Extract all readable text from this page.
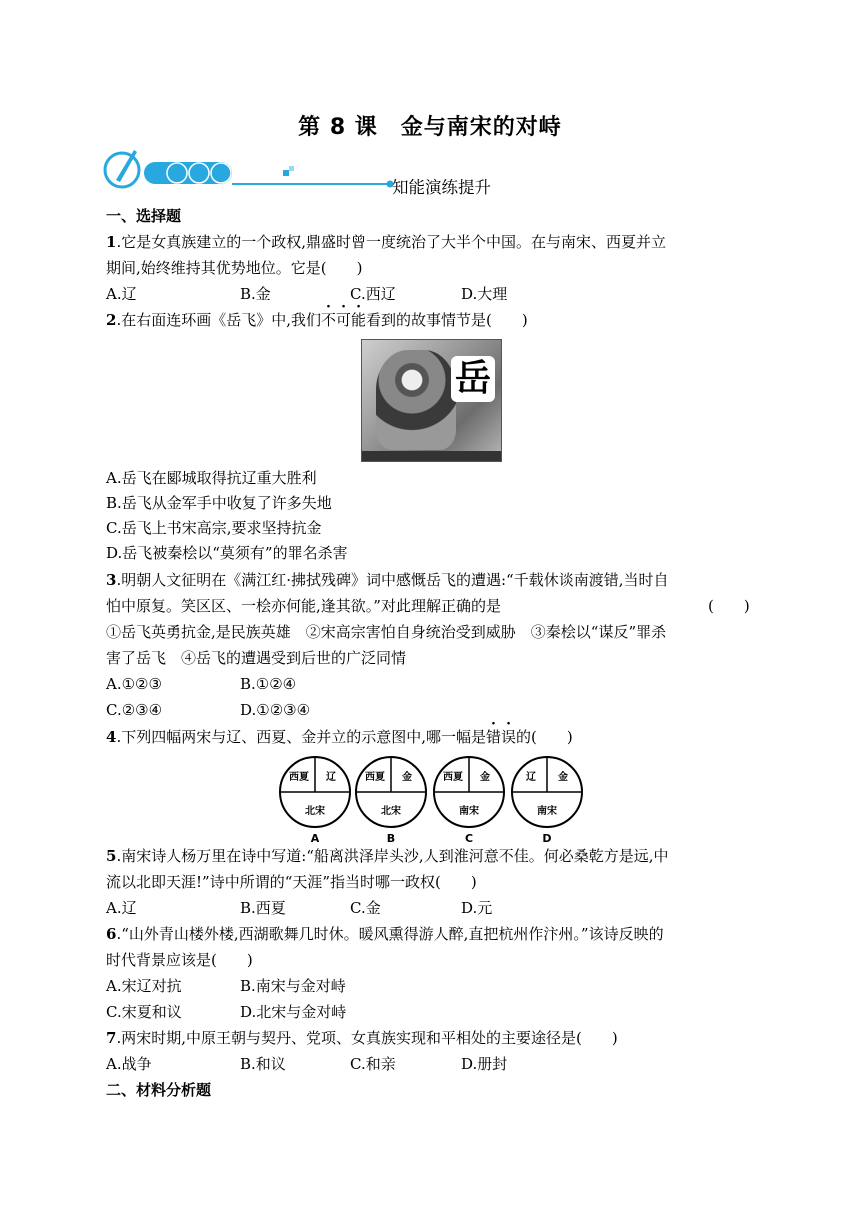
第 8 课　金与南宋的对峙
知能演练提升
一、选择题
1.它是女真族建立的一个政权,鼎盛时曾一度统治了大半个中国。在与南宋、西夏并立
期间,始终维持其优势地位。它是(　　)
A.辽	B.金	C.西辽	D.大理
2.在右面连环画《岳飞》中,我们不可能看到的故事情节是(　　)
岳
A.岳飞在郾城取得抗辽重大胜利
B.岳飞从金军手中收复了许多失地
C.岳飞上书宋高宗,要求坚持抗金
D.岳飞被秦桧以“莫须有”的罪名杀害
3.明朝人文征明在《满江红·拂拭残碑》词中感慨岳飞的遭遇:“千载休谈南渡错,当时自
怕中原复。笑区区、一桧亦何能,逢其欲。”对此理解正确的是	(　　)
①岳飞英勇抗金,是民族英雄　②宋高宗害怕自身统治受到威胁　③秦桧以“谋反”罪杀
害了岳飞　④岳飞的遭遇受到后世的广泛同情
A.①②③	B.①②④
C.②③④	D.①②③④
4.下列四幅两宋与辽、西夏、金并立的示意图中,哪一幅是错误的(　　)
西夏 辽
北宋
A
西夏 金
北宋
B
西夏 金
南宋
C
辽 金
南宋
D
5.南宋诗人杨万里在诗中写道:“船离洪泽岸头沙,人到淮河意不佳。何必桑乾方是远,中
流以北即天涯!”诗中所谓的“天涯”指当时哪一政权(　　)
A.辽	B.西夏	C.金	D.元
6.“山外青山楼外楼,西湖歌舞几时休。暖风熏得游人醉,直把杭州作汴州。”该诗反映的
时代背景应该是(　　)
A.宋辽对抗	B.南宋与金对峙
C.宋夏和议	D.北宋与金对峙
7.两宋时期,中原王朝与契丹、党项、女真族实现和平相处的主要途径是(　　)
A.战争	B.和议	C.和亲	D.册封
二、材料分析题
